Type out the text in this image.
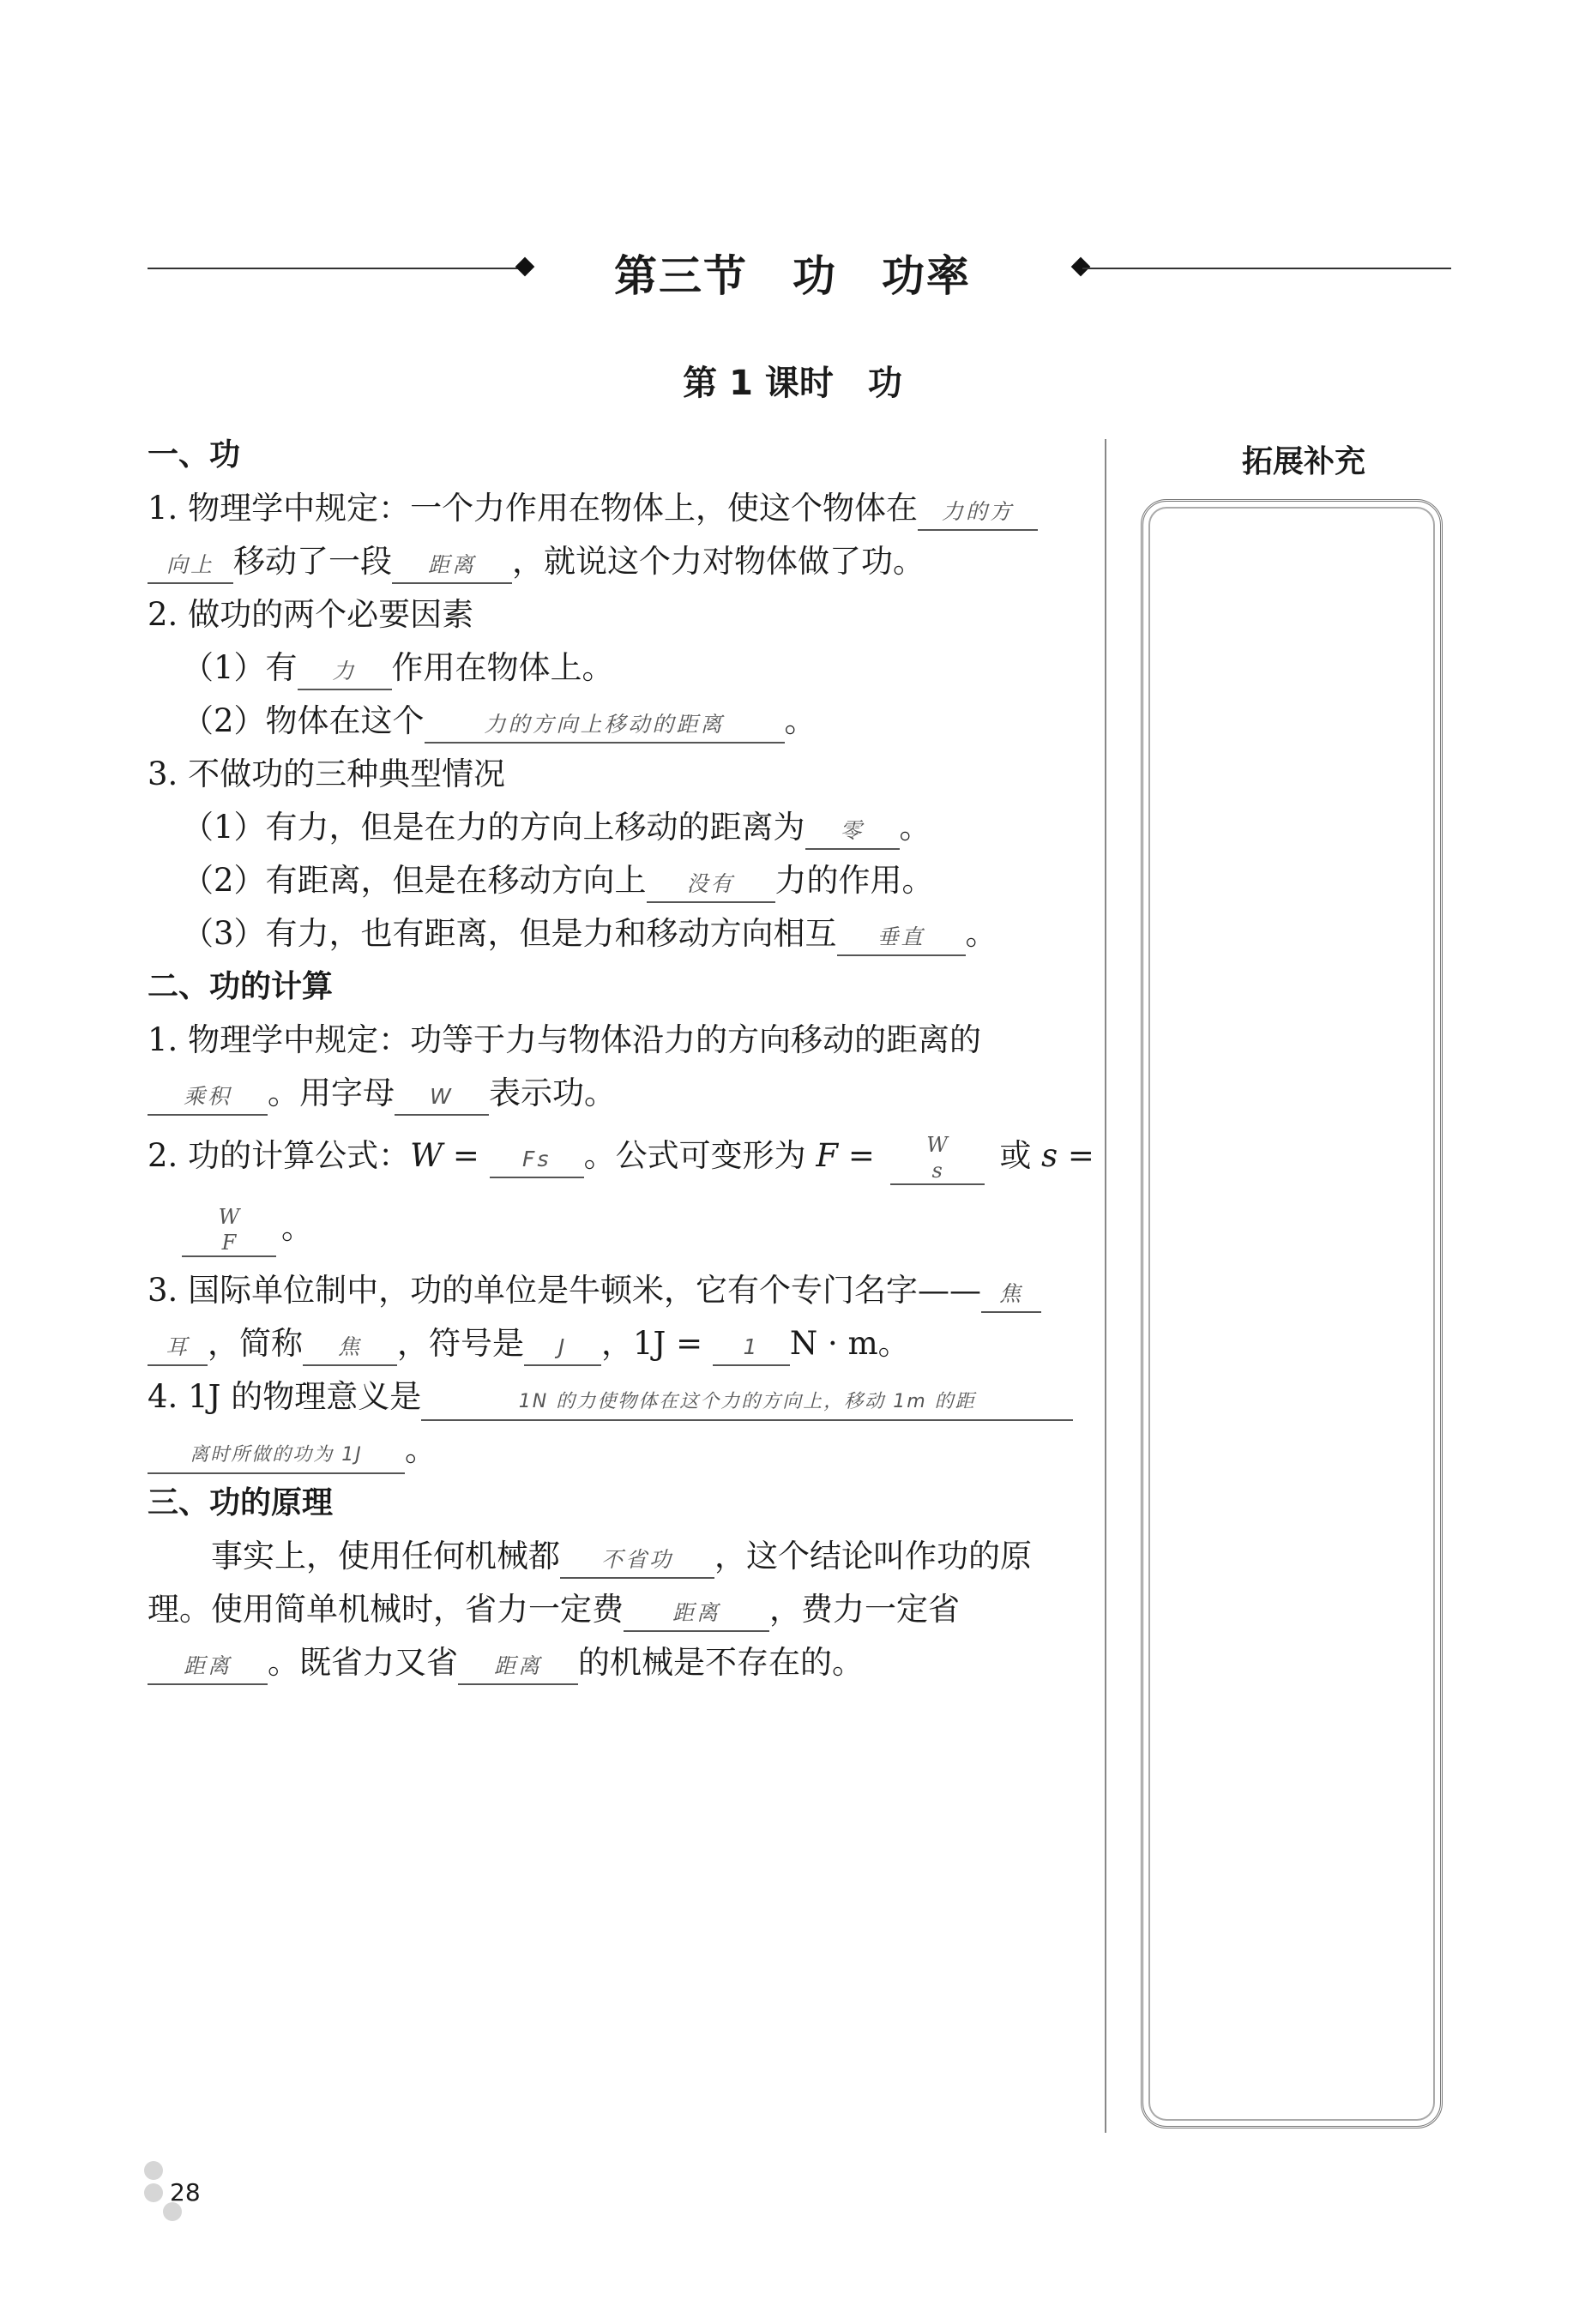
第三节　功　功率
第 1 课时　功
一、功
1. 物理学中规定：一个力作用在物体上，使这个物体在 力的方
向上 移动了一段 距离 ，就说这个力对物体做了功。
2. 做功的两个必要因素
（1）有 力 作用在物体上。
（2）物体在这个	力的方向上移动的距离 。
3. 不做功的三种典型情况
（1）有力，但是在力的方向上移动的距离为 零 。
（2）有距离，但是在移动方向上 没有 力的作用。
（3）有力，也有距离，但是力和移动方向相互 垂直 。
二、功的计算
1. 物理学中规定：功等于力与物体沿力的方向移动的距离的
乘积 。用字母 W 表示功。
2. 功的计算公式：W = Fs 。公式可变形为 F =	W
s	或 s =
W
F	。
3. 国际单位制中，功的单位是牛顿米，它有个专门名字—— 焦
耳 ，简称 焦 ，符号是 J ，1J = 1 N · m。
4. 1J 的物理意义是	1N 的力使物体在这个力的方向上，移动 1m 的距
离时所做的功为 1J 。
三、功的原理
事实上，使用任何机械都 不省功 ，这个结论叫作功的原
理。使用简单机械时，省力一定费 距离 ，费力一定省
距离 。既省力又省 距离 的机械是不存在的。
拓展补充
28
